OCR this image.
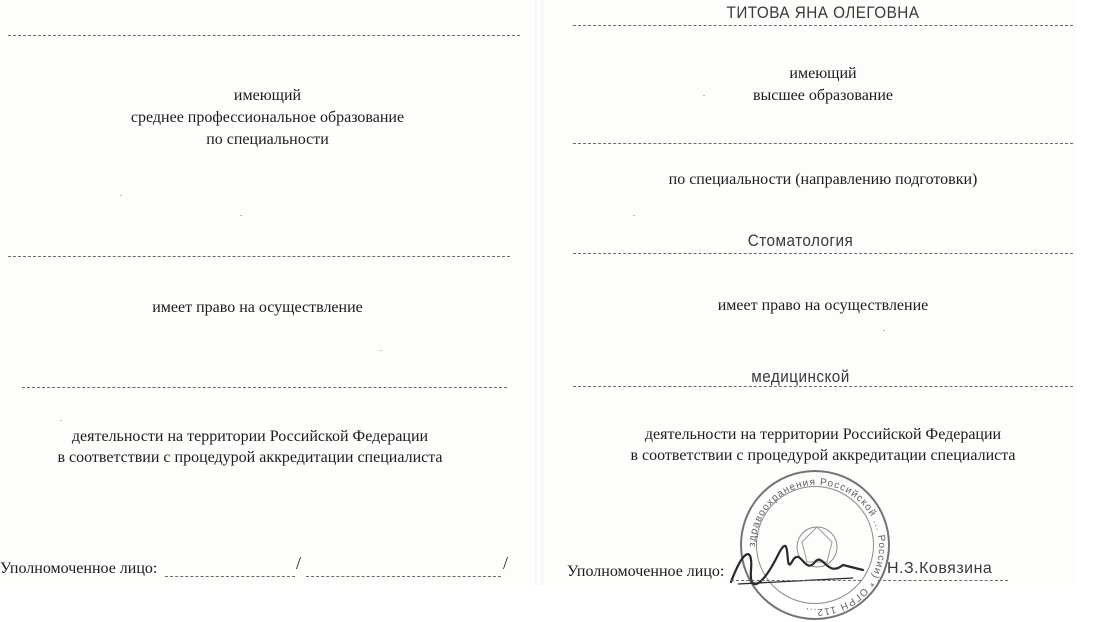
имеющий
среднее профессиональное образование
по специальности
имеет право на осуществление
деятельности на территории Российской Федерации
в соответствии с процедурой аккредитации специалиста
Уполномоченное лицо:	/	/
ТИТОВА ЯНА ОЛЕГОВНА
имеющий
высшее образование
по специальности (направлению подготовки)
Стоматология
имеет право на осуществление
медицинской
деятельности на территории Российской Федерации
в соответствии с процедурой аккредитации специалиста
здравоохранения Российской ... России) * ОГРН 112...
Уполномоченное лицо:	Н.З.Ковязина
